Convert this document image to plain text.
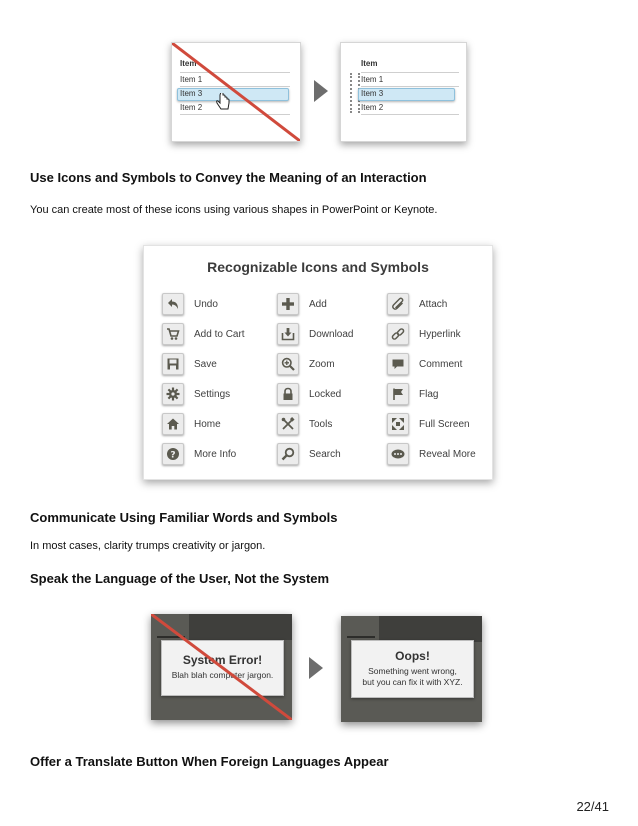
Item
Item 1
Item 3
Item 2
Item
Item 1
Item 3
Item 2
Use Icons and Symbols to Convey the Meaning of an Interaction
You can create most of these icons using various shapes in PowerPoint or Keynote.
Recognizable Icons and Symbols
Undo
Add to Cart
Save
Settings
Home
? More Info
Add
Download
Zoom
Locked
Tools
Search
Attach
Hyperlink
Comment
Flag
Full Screen
Reveal More
Communicate Using Familiar Words and Symbols
In most cases, clarity trumps creativity or jargon.
Speak the Language of the User, Not the System
System Error!
Blah blah computer jargon.
Oops!
Something went wrong,
but you can fix it with XYZ.
Offer a Translate Button When Foreign Languages Appear
22/41
